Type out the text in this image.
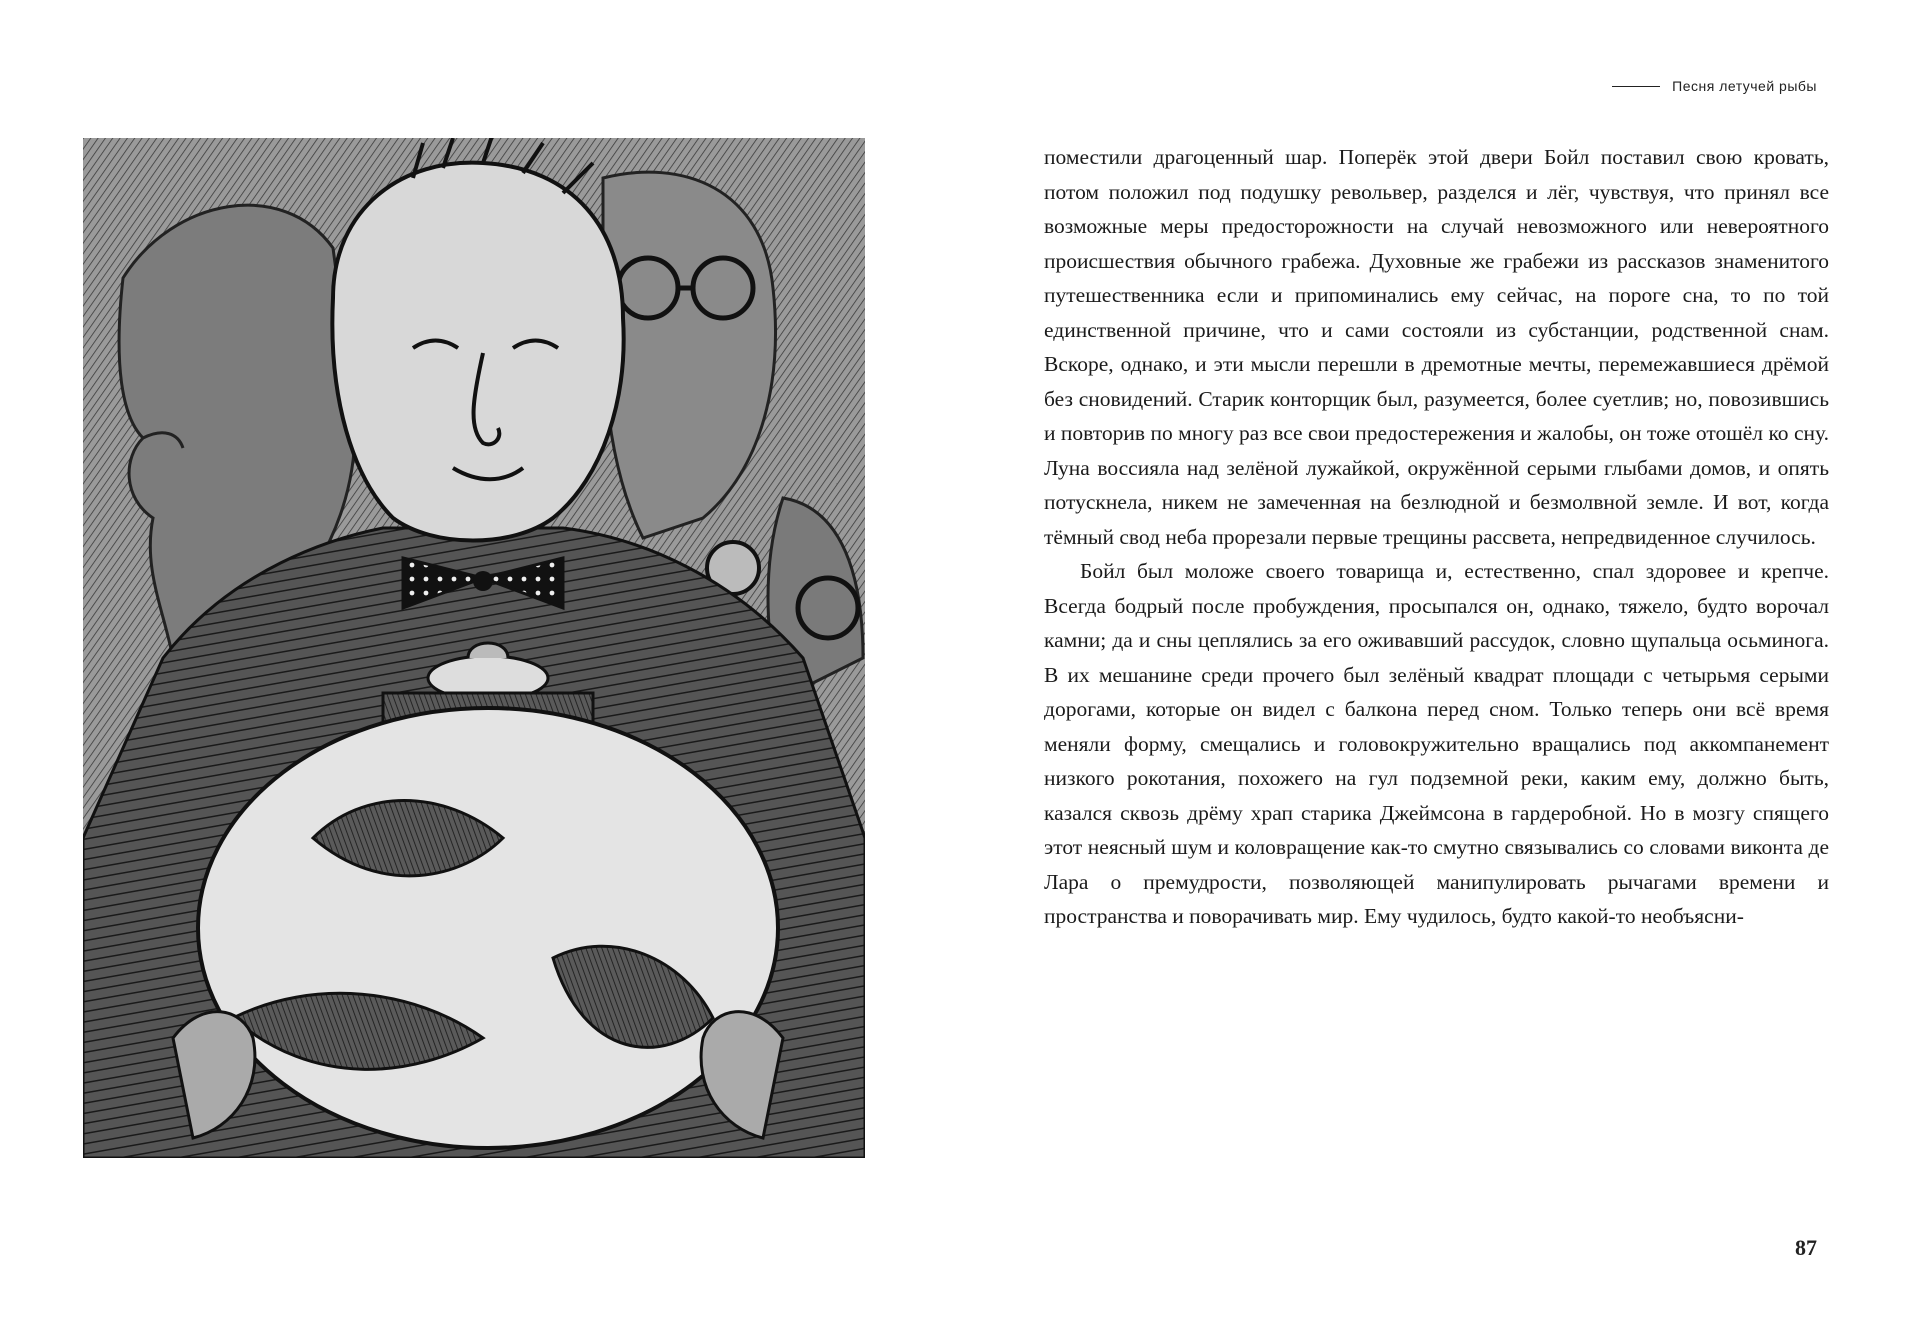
Песня летучей рыбы

поместили драгоценный шар. Поперёк этой двери Бойл поставил свою кровать, потом положил под подушку револьвер, разделся и лёг, чувствуя, что принял все возможные меры предосторожности на случай невозможного или невероятного происшествия обычного грабежа. Духовные же грабежи из рассказов знаменитого путешественника если и припоминались ему сейчас, на пороге сна, то по той единственной причине, что и сами состояли из субстанции, родственной снам. Вскоре, однако, и эти мысли перешли в дремотные мечты, перемежавшиеся дрёмой без сновидений. Старик конторщик был, разумеется, более суетлив; но, повозившись и повторив по многу раз все свои предостережения и жалобы, он тоже отошёл ко сну. Луна воссияла над зелёной лужайкой, окружённой серыми глыбами домов, и опять потускнела, никем не замеченная на безлюдной и безмолвной земле. И вот, когда тёмный свод неба прорезали первые трещины рассвета, непредвиденное случилось.

Бойл был моложе своего товарища и, естественно, спал здоровее и крепче. Всегда бодрый после пробуждения, просыпался он, однако, тяжело, будто ворочал камни; да и сны цеплялись за его оживавший рассудок, словно щупальца осьминога. В их мешанине среди прочего был зелёный квадрат площади с четырьмя серыми дорогами, которые он видел с балкона перед сном. Только теперь они всё время меняли форму, смещались и головокружительно вращались под аккомпанемент низкого рокотания, похожего на гул подземной реки, каким ему, должно быть, казался сквозь дрёму храп старика Джеймсона в гардеробной. Но в мозгу спящего этот неясный шум и коловращение как-то смутно связывались со словами виконта де Лара о премудрости, позволяющей манипулировать рычагами времени и пространства и поворачивать мир. Ему чудилось, будто какой-то необъясни-

87
